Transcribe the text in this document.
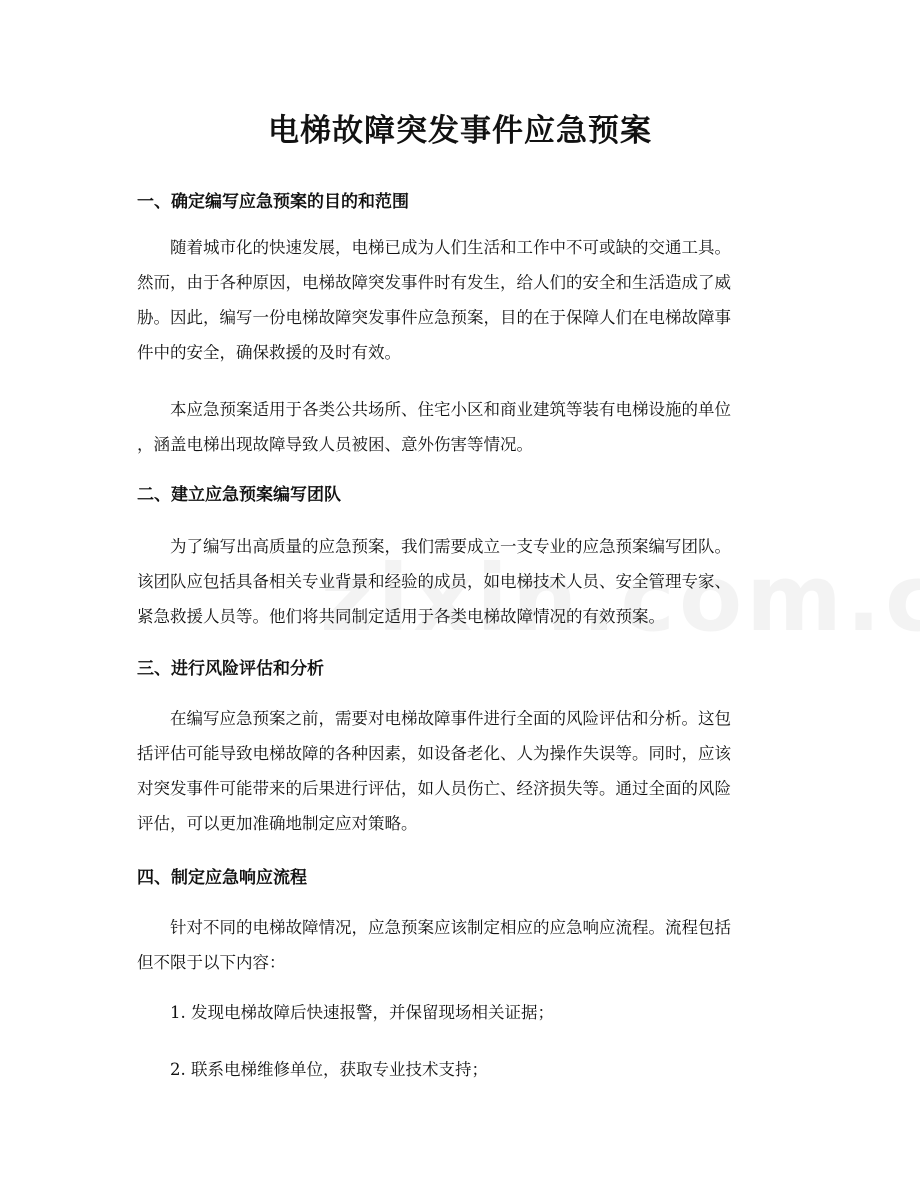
电梯故障突发事件应急预案
一、确定编写应急预案的目的和范围
随着城市化的快速发展，电梯已成为人们生活和工作中不可或缺的交通工具。
然而，由于各种原因，电梯故障突发事件时有发生，给人们的安全和生活造成了威
胁。因此，编写一份电梯故障突发事件应急预案，目的在于保障人们在电梯故障事
件中的安全，确保救援的及时有效。
本应急预案适用于各类公共场所、住宅小区和商业建筑等装有电梯设施的单位
，涵盖电梯出现故障导致人员被困、意外伤害等情况。
二、建立应急预案编写团队
为了编写出高质量的应急预案，我们需要成立一支专业的应急预案编写团队。
该团队应包括具备相关专业背景和经验的成员，如电梯技术人员、安全管理专家、
紧急救援人员等。他们将共同制定适用于各类电梯故障情况的有效预案。
三、进行风险评估和分析
在编写应急预案之前，需要对电梯故障事件进行全面的风险评估和分析。这包
括评估可能导致电梯故障的各种因素，如设备老化、人为操作失误等。同时，应该
对突发事件可能带来的后果进行评估，如人员伤亡、经济损失等。通过全面的风险
评估，可以更加准确地制定应对策略。
四、制定应急响应流程
针对不同的电梯故障情况，应急预案应该制定相应的应急响应流程。流程包括
但不限于以下内容：
1. 发现电梯故障后快速报警，并保留现场相关证据；
2. 联系电梯维修单位，获取专业技术支持；
